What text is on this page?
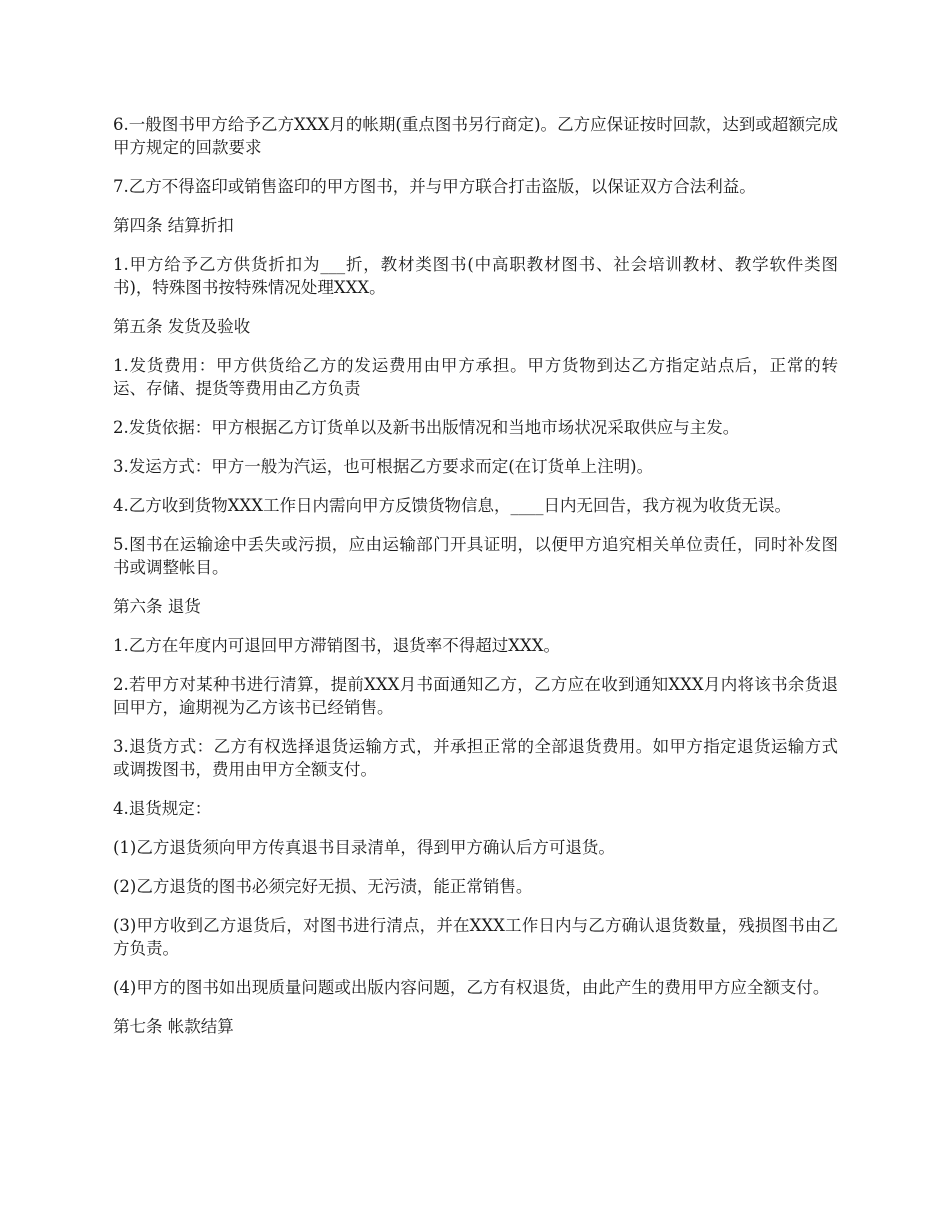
6.一般图书甲方给予乙方XXX月的帐期(重点图书另行商定)。乙方应保证按时回款，达到或超额完成甲方规定的回款要求

7.乙方不得盗印或销售盗印的甲方图书，并与甲方联合打击盗版，以保证双方合法利益。

第四条 结算折扣

1.甲方给予乙方供货折扣为___折，教材类图书(中高职教材图书、社会培训教材、教学软件类图书)，特殊图书按特殊情况处理XXX。

第五条 发货及验收

1.发货费用：甲方供货给乙方的发运费用由甲方承担。甲方货物到达乙方指定站点后，正常的转运、存储、提货等费用由乙方负责

2.发货依据：甲方根据乙方订货单以及新书出版情况和当地市场状况采取供应与主发。

3.发运方式：甲方一般为汽运，也可根据乙方要求而定(在订货单上注明)。

4.乙方收到货物XXX工作日内需向甲方反馈货物信息，____日内无回告，我方视为收货无误。

5.图书在运输途中丢失或污损，应由运输部门开具证明，以便甲方追究相关单位责任，同时补发图书或调整帐目。

第六条 退货

1.乙方在年度内可退回甲方滞销图书，退货率不得超过XXX。

2.若甲方对某种书进行清算，提前XXX月书面通知乙方，乙方应在收到通知XXX月内将该书余货退回甲方，逾期视为乙方该书已经销售。

3.退货方式：乙方有权选择退货运输方式，并承担正常的全部退货费用。如甲方指定退货运输方式或调拨图书，费用由甲方全额支付。

4.退货规定：

(1)乙方退货须向甲方传真退书目录清单，得到甲方确认后方可退货。

(2)乙方退货的图书必须完好无损、无污渍，能正常销售。

(3)甲方收到乙方退货后，对图书进行清点，并在XXX工作日内与乙方确认退货数量，残损图书由乙方负责。

(4)甲方的图书如出现质量问题或出版内容问题，乙方有权退货，由此产生的费用甲方应全额支付。

第七条 帐款结算
